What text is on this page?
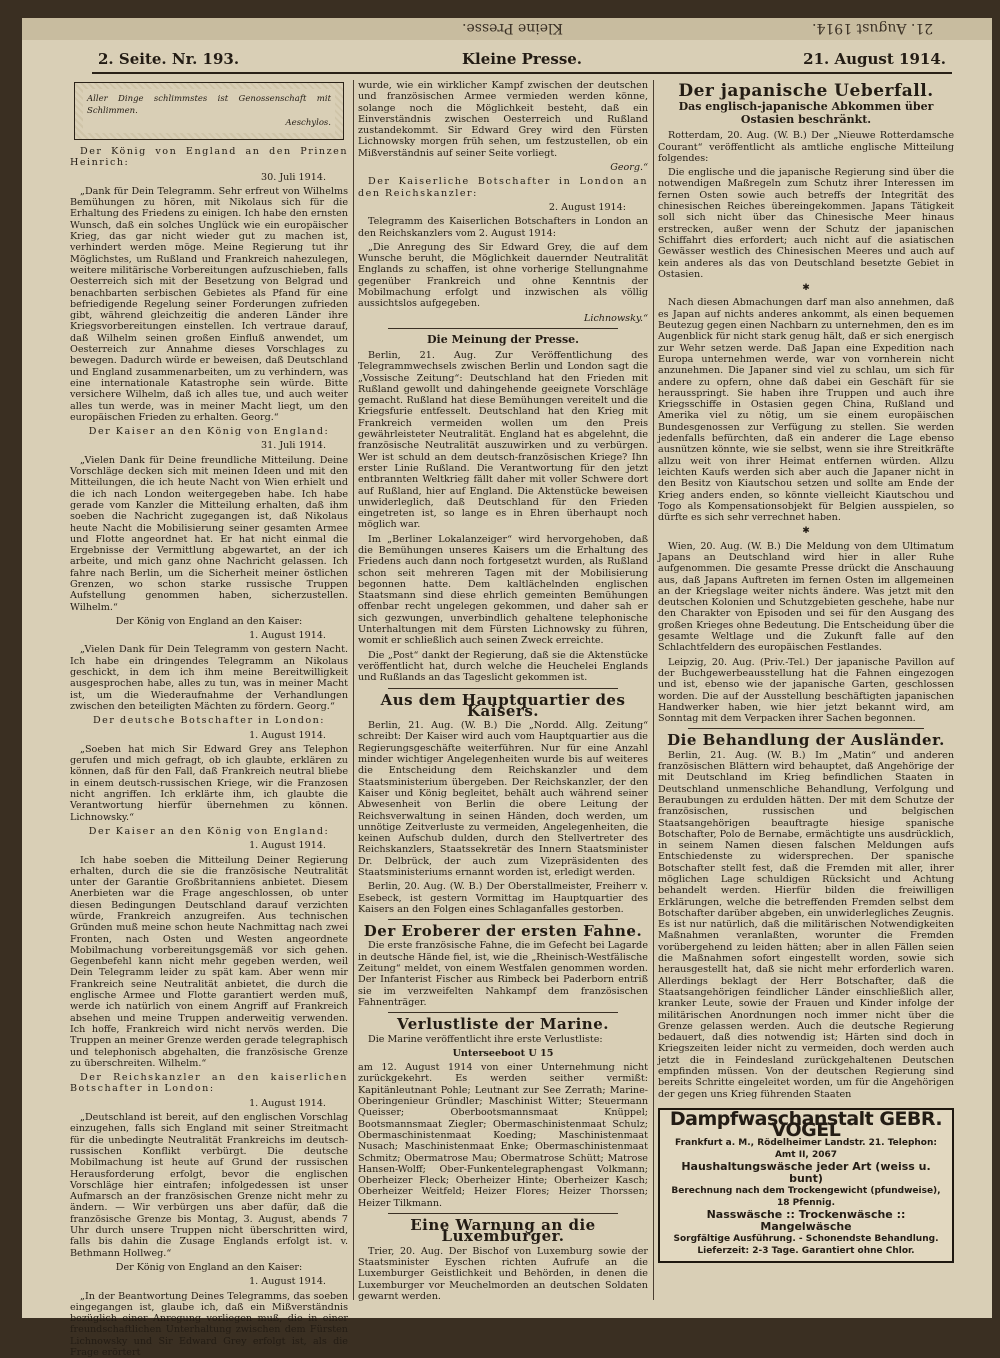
Kleine Presse.	21. August 1914.
2. Seite. Nr. 193.	Kleine Presse.	21. August 1914.
Aller Dinge schlimmstes ist Genossenschaft mit Schlimmen.
Aeschylos.

Der König von England an den Prinzen Heinrich:

30. Juli 1914.

„Dank für Dein Telegramm. Sehr erfreut von Wilhelms Bemühungen zu hören, mit Nikolaus sich für die Erhaltung des Friedens zu einigen. Ich habe den ernsten Wunsch, daß ein solches Unglück wie ein europäischer Krieg, das gar nicht wieder gut zu machen ist, verhindert werden möge. Meine Regierung tut ihr Möglichstes, um Rußland und Frankreich nahezulegen, weitere militärische Vorbereitungen aufzuschieben, falls Oesterreich sich mit der Besetzung von Belgrad und benachbarten serbischen Gebietes als Pfand für eine befriedigende Regelung seiner Forderungen zufrieden gibt, während gleichzeitig die anderen Länder ihre Kriegsvorbereitungen einstellen. Ich vertraue darauf, daß Wilhelm seinen großen Einfluß anwendet, um Oesterreich zur Annahme dieses Vorschlages zu bewegen. Dadurch würde er beweisen, daß Deutschland und England zusammenarbeiten, um zu verhindern, was eine internationale Katastrophe sein würde. Bitte versichere Wilhelm, daß ich alles tue, und auch weiter alles tun werde, was in meiner Macht liegt, um den europäischen Frieden zu erhalten. Georg.“

Der Kaiser an den König von England:

31. Juli 1914.

„Vielen Dank für Deine freundliche Mitteilung. Deine Vorschläge decken sich mit meinen Ideen und mit den Mitteilungen, die ich heute Nacht von Wien erhielt und die ich nach London weitergegeben habe. Ich habe gerade vom Kanzler die Mitteilung erhalten, daß ihm soeben die Nachricht zugegangen ist, daß Nikolaus heute Nacht die Mobilisierung seiner gesamten Armee und Flotte angeordnet hat. Er hat nicht einmal die Ergebnisse der Vermittlung abgewartet, an der ich arbeite, und mich ganz ohne Nachricht gelassen. Ich fahre nach Berlin, um die Sicherheit meiner östlichen Grenzen, wo schon starke russische Truppen Aufstellung genommen haben, sicherzustellen. Wilhelm.“

Der König von England an den Kaiser:

1. August 1914.

„Vielen Dank für Dein Telegramm von gestern Nacht. Ich habe ein dringendes Telegramm an Nikolaus geschickt, in dem ich ihm meine Bereitwilligkeit ausgesprochen habe, alles zu tun, was in meiner Macht ist, um die Wiederaufnahme der Verhandlungen zwischen den beteiligten Mächten zu fördern. Georg.“

Der deutsche Botschafter in London:

1. August 1914.

„Soeben hat mich Sir Edward Grey ans Telephon gerufen und mich gefragt, ob ich glaubte, erklären zu können, daß für den Fall, daß Frankreich neutral bliebe in einem deutsch-russischen Kriege, wir die Franzosen nicht angriffen. Ich erklärte ihm, ich glaubte die Verantwortung hierfür übernehmen zu können. Lichnowsky.“

Der Kaiser an den König von England:

1. August 1914.

Ich habe soeben die Mitteilung Deiner Regierung erhalten, durch die sie die französische Neutralität unter der Garantie Großbritanniens anbietet. Diesem Anerbieten war die Frage angeschlossen, ob unter diesen Bedingungen Deutschland darauf verzichten würde, Frankreich anzugreifen. Aus technischen Gründen muß meine schon heute Nachmittag nach zwei Fronten, nach Osten und Westen angeordnete Mobilmachung vorbereitungsgemäß vor sich gehen. Gegenbefehl kann nicht mehr gegeben werden, weil Dein Telegramm leider zu spät kam. Aber wenn mir Frankreich seine Neutralität anbietet, die durch die englische Armee und Flotte garantiert werden muß, werde ich natürlich von einem Angriff auf Frankreich absehen und meine Truppen anderweitig verwenden. Ich hoffe, Frankreich wird nicht nervös werden. Die Truppen an meiner Grenze werden gerade telegraphisch und telephonisch abgehalten, die französische Grenze zu überschreiten. Wilhelm.“

Der Reichskanzler an den kaiserlichen Botschafter in London:

1. August 1914.

„Deutschland ist bereit, auf den englischen Vorschlag einzugehen, falls sich England mit seiner Streitmacht für die unbedingte Neutralität Frankreichs im deutsch-russischen Konflikt verbürgt. Die deutsche Mobilmachung ist heute auf Grund der russischen Herausforderung erfolgt, bevor die englischen Vorschläge hier eintrafen; infolgedessen ist unser Aufmarsch an der französischen Grenze nicht mehr zu ändern. — Wir verbürgen uns aber dafür, daß die französische Grenze bis Montag, 3. August, abends 7 Uhr durch unsere Truppen nicht überschritten wird, falls bis dahin die Zusage Englands erfolgt ist. v. Bethmann Hollweg.“

Der König von England an den Kaiser:

1. August 1914.

„In der Beantwortung Deines Telegramms, das soeben eingegangen ist, glaube ich, daß ein Mißverständnis bezüglich einer Anregung vorliegen muß, die in einer freundschaftlichen Unterhaltung zwischen dem Fürsten Lichnowsky und Sir Edward Grey erfolgt ist, als die Frage erörtert

wurde, wie ein wirklicher Kampf zwischen der deutschen und französischen Armee vermieden werden könne, solange noch die Möglichkeit besteht, daß ein Einverständnis zwischen Oesterreich und Rußland zustandekommt. Sir Edward Grey wird den Fürsten Lichnowsky morgen früh sehen, um festzustellen, ob ein Mißverständnis auf seiner Seite vorliegt.

Georg.“

Der Kaiserliche Botschafter in London an den Reichskanzler:

2. August 1914:

Telegramm des Kaiserlichen Botschafters in London an den Reichskanzlers vom 2. August 1914:

„Die Anregung des Sir Edward Grey, die auf dem Wunsche beruht, die Möglichkeit dauernder Neutralität Englands zu schaffen, ist ohne vorherige Stellungnahme gegenüber Frankreich und ohne Kenntnis der Mobilmachung erfolgt und inzwischen als völlig aussichtslos aufgegeben.

Lichnowsky.“

Die Meinung der Presse.

Berlin, 21. Aug. Zur Veröffentlichung des Telegrammwechsels zwischen Berlin und London sagt die „Vossische Zeitung“: Deutschland hat den Frieden mit Rußland gewollt und dahingehende geeignete Vorschläge gemacht. Rußland hat diese Bemühungen vereitelt und die Kriegsfurie entfesselt. Deutschland hat den Krieg mit Frankreich vermeiden wollen um den Preis gewährleisteter Neutralität. England hat es abgelehnt, die französische Neutralität auszuwirken und zu verbürgen. Wer ist schuld an dem deutsch-französischen Kriege? Ihn erster Linie Rußland. Die Verantwortung für den jetzt entbrannten Weltkrieg fällt daher mit voller Schwere dort auf Rußland, hier auf England. Die Aktenstücke beweisen unwiderleglich, daß Deutschland für den Frieden eingetreten ist, so lange es in Ehren überhaupt noch möglich war.

Im „Berliner Lokalanzeiger“ wird hervorgehoben, daß die Bemühungen unseres Kaisers um die Erhaltung des Friedens auch dann noch fortgesetzt wurden, als Rußland schon seit mehreren Tagen mit der Mobilisierung begonnen hatte. Dem kaltlächelnden englischen Staatsmann sind diese ehrlich gemeinten Bemühungen offenbar recht ungelegen gekommen, und daher sah er sich gezwungen, unverbindlich gehaltene telephonische Unterhaltungen mit dem Fürsten Lichnowsky zu führen, womit er schließlich auch seinen Zweck erreichte.

Die „Post“ dankt der Regierung, daß sie die Aktenstücke veröffentlicht hat, durch welche die Heuchelei Englands und Rußlands an das Tageslicht gekommen ist.

Aus dem Hauptquartier des Kaisers.

Berlin, 21. Aug. (W. B.) Die „Nordd. Allg. Zeitung“ schreibt: Der Kaiser wird auch vom Hauptquartier aus die Regierungsgeschäfte weiterführen. Nur für eine Anzahl minder wichtiger Angelegenheiten wurde bis auf weiteres die Entscheidung dem Reichskanzler und dem Staatsministerium übergeben. Der Reichskanzler, der den Kaiser und König begleitet, behält auch während seiner Abwesenheit von Berlin die obere Leitung der Reichsverwaltung in seinen Händen, doch werden, um unnötige Zeitverluste zu vermeiden, Angelegenheiten, die keinen Aufschub dulden, durch den Stellvertreter des Reichskanzlers, Staatssekretär des Innern Staatsminister Dr. Delbrück, der auch zum Vizepräsidenten des Staatsministeriums ernannt worden ist, erledigt werden.

Berlin, 20. Aug. (W. B.) Der Oberstallmeister, Freiherr v. Esebeck, ist gestern Vormittag im Hauptquartier des Kaisers an den Folgen eines Schlaganfalles gestorben.

Der Eroberer der ersten Fahne.

Die erste französische Fahne, die im Gefecht bei Lagarde in deutsche Hände fiel, ist, wie die „Rheinisch-Westfälische Zeitung“ meldet, von einem Westfalen genommen worden. Der Infanterist Fischer aus Rimbeck bei Paderborn entriß sie im verzweifelten Nahkampf dem französischen Fahnenträger.

Verlustliste der Marine.

Die Marine veröffentlicht ihre erste Verlustliste:

Unterseeboot U 15

am 12. August 1914 von einer Unternehmung nicht zurückgekehrt. Es werden seither vermißt: Kapitänleutnant Pohle; Leutnant zur See Zerrath; Marine-Oberingenieur Gründler; Maschinist Witter; Steuermann Queisser; Oberbootsmannsmaat Knüppel; Bootsmannsmaat Ziegler; Obermaschinistenmaat Schulz; Obermaschinistenmaat Koeding; Maschinistenmaat Nusach; Maschinistenmaat Enke; Obermaschinistenmaat Schmitz; Obermatrose Mau; Obermatrose Schütt; Matrose Hansen-Wolff; Ober-Funkentelegraphengast Volkmann; Oberheizer Fleck; Oberheizer Hinte; Oberheizer Kasch; Oberheizer Weitfeld; Heizer Flores; Heizer Thorssen; Heizer Tilkmann.

Eine Warnung an die Luxemburger.

Trier, 20. Aug. Der Bischof von Luxemburg sowie der Staatsminister Eyschen richten Aufrufe an die Luxemburger Geistlichkeit und Behörden, in denen die Luxemburger vor Meuchelmorden an deutschen Soldaten gewarnt werden.

Der japanische Ueberfall.
Das englisch-japanische Abkommen über Ostasien beschränkt.

Rotterdam, 20. Aug. (W. B.) Der „Nieuwe Rotterdamsche Courant“ veröffentlicht als amtliche englische Mitteilung folgendes:

Die englische und die japanische Regierung sind über die notwendigen Maßregeln zum Schutz ihrer Interessen im fernen Osten sowie auch betreffs der Integrität des chinesischen Reiches übereingekommen. Japans Tätigkeit soll sich nicht über das Chinesische Meer hinaus erstrecken, außer wenn der Schutz der japanischen Schiffahrt dies erfordert; auch nicht auf die asiatischen Gewässer westlich des Chinesischen Meeres und auch auf kein anderes als das von Deutschland besetzte Gebiet in Ostasien.

✱

Nach diesen Abmachungen darf man also annehmen, daß es Japan auf nichts anderes ankommt, als einen bequemen Beutezug gegen einen Nachbarn zu unternehmen, den es im Augenblick für nicht stark genug hält, daß er sich energisch zur Wehr setzen werde. Daß Japan eine Expedition nach Europa unternehmen werde, war von vornherein nicht anzunehmen. Die Japaner sind viel zu schlau, um sich für andere zu opfern, ohne daß dabei ein Geschäft für sie herausspringt. Sie haben ihre Truppen und auch ihre Kriegsschiffe in Ostasien gegen China, Rußland und Amerika viel zu nötig, um sie einem europäischen Bundesgenossen zur Verfügung zu stellen. Sie werden jedenfalls befürchten, daß ein anderer die Lage ebenso ausnützen könnte, wie sie selbst, wenn sie ihre Streitkräfte allzu weit von ihrer Heimat entfernen würden. Allzu leichten Kaufs werden sich aber auch die Japaner nicht in den Besitz von Kiautschou setzen und sollte am Ende der Krieg anders enden, so könnte vielleicht Kiautschou und Togo als Kompensationsobjekt für Belgien ausspielen, so dürfte es sich sehr verrechnet haben.

✱

Wien, 20. Aug. (W. B.) Die Meldung von dem Ultimatum Japans an Deutschland wird hier in aller Ruhe aufgenommen. Die gesamte Presse drückt die Anschauung aus, daß Japans Auftreten im fernen Osten im allgemeinen an der Kriegslage weiter nichts ändere. Was jetzt mit den deutschen Kolonien und Schutzgebieten geschehe, habe nur den Charakter von Episoden und sei für den Ausgang des großen Krieges ohne Bedeutung. Die Entscheidung über die gesamte Weltlage und die Zukunft falle auf den Schlachtfeldern des europäischen Festlandes.

Leipzig, 20. Aug. (Priv.-Tel.) Der japanische Pavillon auf der Buchgewerbeausstellung hat die Fahnen eingezogen und ist, ebenso wie der japanische Garten, geschlossen worden. Die auf der Ausstellung beschäftigten japanischen Handwerker haben, wie hier jetzt bekannt wird, am Sonntag mit dem Verpacken ihrer Sachen begonnen.

Die Behandlung der Ausländer.

Berlin, 21. Aug. (W. B.) Im „Matin“ und anderen französischen Blättern wird behauptet, daß Angehörige der mit Deutschland im Krieg befindlichen Staaten in Deutschland unmenschliche Behandlung, Verfolgung und Beraubungen zu erdulden hätten. Der mit dem Schutze der französischen, russischen und belgischen Staatsangehörigen beauftragte hiesige spanische Botschafter, Polo de Bernabe, ermächtigte uns ausdrücklich, in seinem Namen diesen falschen Meldungen aufs Entschiedenste zu widersprechen. Der spanische Botschafter stellt fest, daß die Fremden mit aller, ihrer möglichen Lage schuldigen Rücksicht und Achtung behandelt werden. Hierfür bilden die freiwilligen Erklärungen, welche die betreffenden Fremden selbst dem Botschafter darüber abgeben, ein unwiderlegliches Zeugnis. Es ist nur natürlich, daß die militärischen Notwendigkeiten Maßnahmen veranlaßten, worunter die Fremden vorübergehend zu leiden hätten; aber in allen Fällen seien die Maßnahmen sofort eingestellt worden, sowie sich herausgestellt hat, daß sie nicht mehr erforderlich waren. Allerdings beklagt der Herr Botschafter, daß die Staatsangehörigen feindlicher Länder einschließlich aller, kranker Leute, sowie der Frauen und Kinder infolge der militärischen Anordnungen noch immer nicht über die Grenze gelassen werden. Auch die deutsche Regierung bedauert, daß dies notwendig ist; Härten sind doch in Kriegszeiten leider nicht zu vermeiden, doch werden auch jetzt die in Feindesland zurückgehaltenen Deutschen empfinden müssen. Von der deutschen Regierung sind bereits Schritte eingeleitet worden, um für die Angehörigen der gegen uns Krieg führenden Staaten

Dampfwaschanstalt GEBR. VOGEL
Frankfurt a. M., Rödelheimer Landstr. 21. Telephon: Amt II, 2067
Haushaltungswäsche jeder Art (weiss u. bunt)
Berechnung nach dem Trockengewicht (pfundweise), 18 Pfennig.
Nasswäsche :: Trockenwäsche :: Mangelwäsche
Sorgfältige Ausführung. - Schonendste Behandlung.
Lieferzeit: 2-3 Tage. Garantiert ohne Chlor.
